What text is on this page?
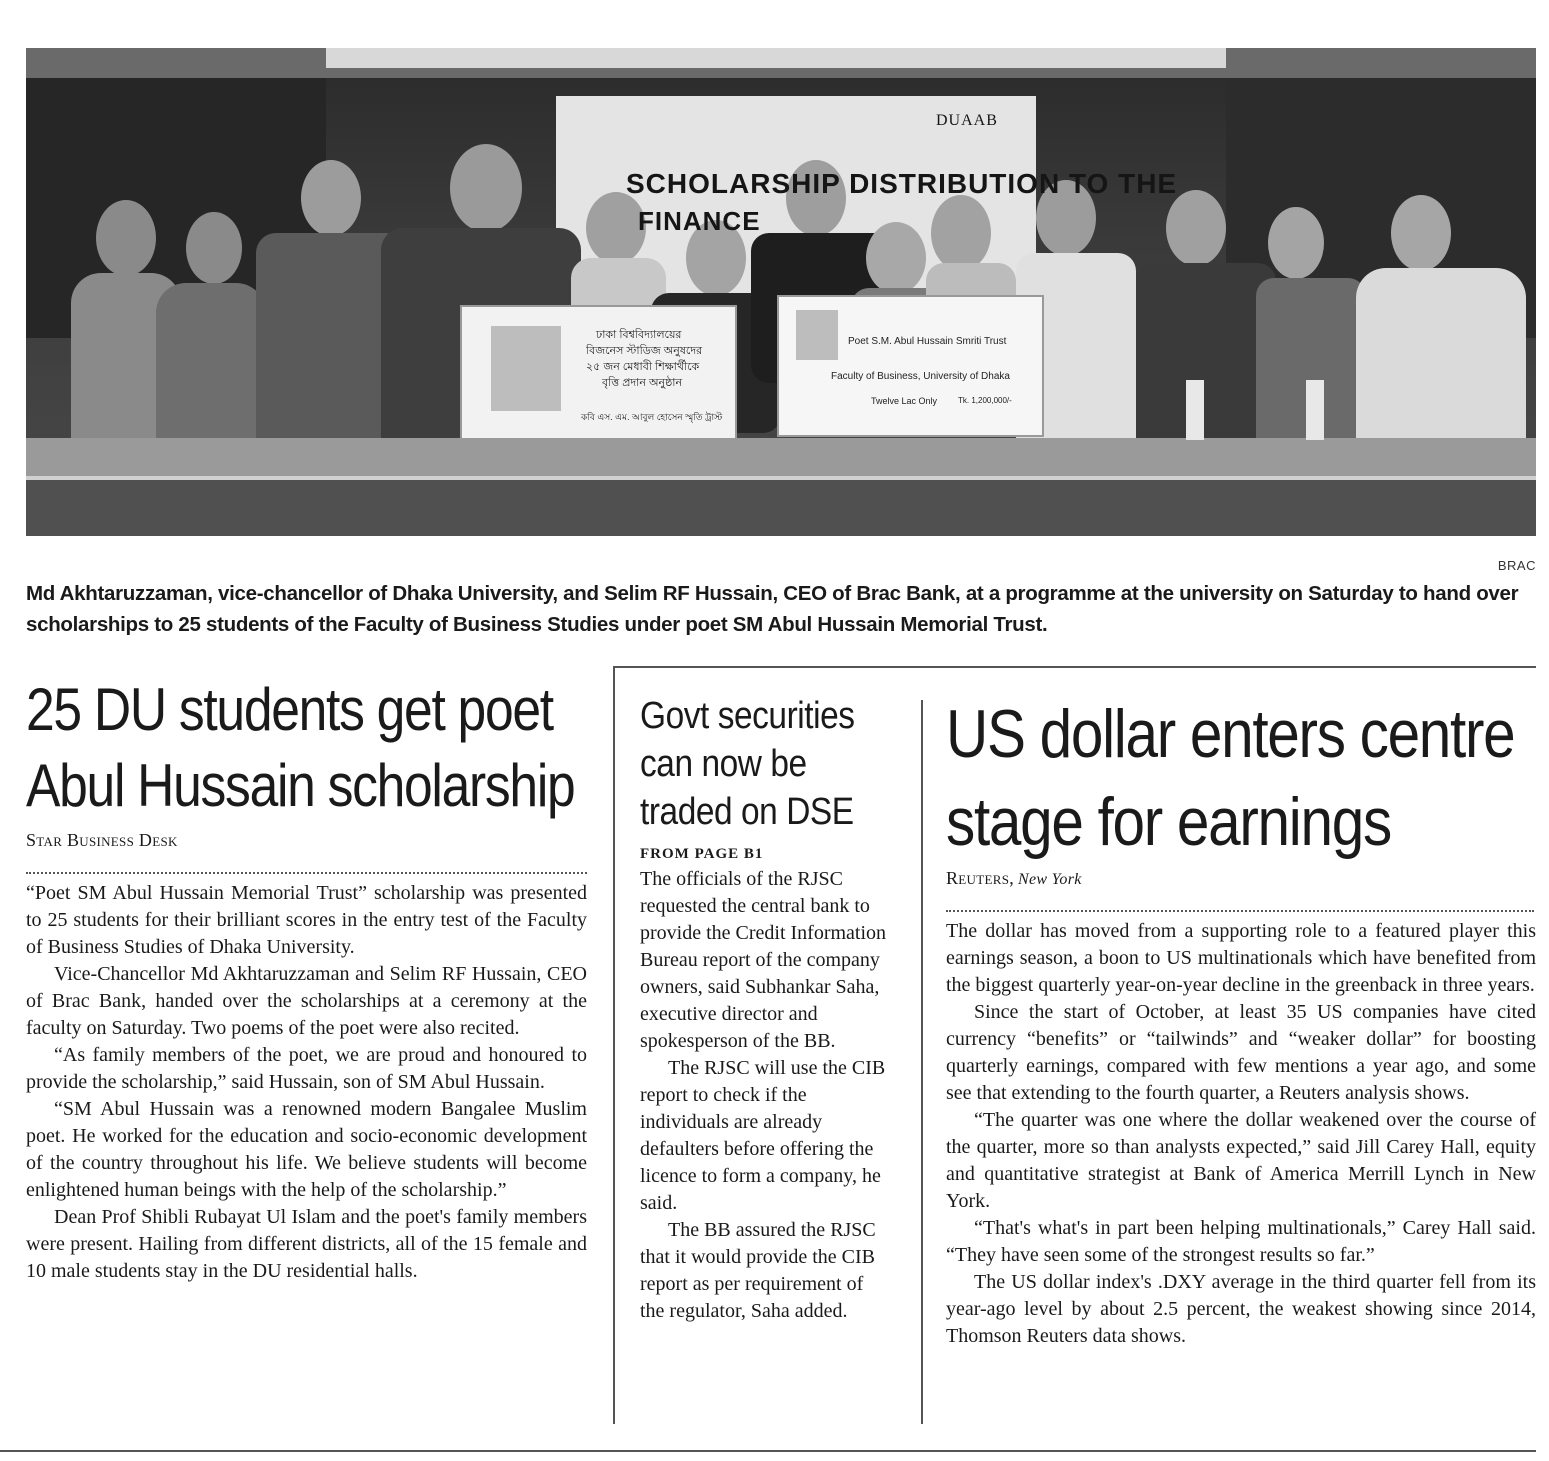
SCHOLARSHIP DISTRIBUTION TO THE
FINANCE
DUAAB
ঢাকা বিশ্ববিদ্যালয়ের
বিজনেস স্টাডিজ অনুষদের
২৫ জন মেধাবী শিক্ষার্থীকে
বৃত্তি প্রদান অনুষ্ঠান
কবি এস. এম. আবুল হোসেন স্মৃতি ট্রাস্ট
Poet S.M. Abul Hussain Smriti Trust
Faculty of Business, University of Dhaka
Twelve Lac Only	Tk. 1,200,000/-
BRAC
Md Akhtaruzzaman, vice-chancellor of Dhaka University, and Selim RF Hussain, CEO of Brac Bank, at a programme at the university on Saturday to hand over scholarships to 25 students of the Faculty of Business Studies under poet SM Abul Hussain Memorial Trust.
25 DU students get poet
Abul Hussain scholarship
Star Business Desk

“Poet SM Abul Hussain Memorial Trust” scholarship was presented to 25 students for their brilliant scores in the entry test of the Faculty of Business Studies of Dhaka University.

Vice-Chancellor Md Akhtaruzzaman and Selim RF Hussain, CEO of Brac Bank, handed over the scholarships at a ceremony at the faculty on Saturday. Two poems of the poet were also recited.

“As family members of the poet, we are proud and honoured to provide the scholarship,” said Hussain, son of SM Abul Hussain.

“SM Abul Hussain was a renowned modern Bangalee Muslim poet. He worked for the education and socio-economic development of the country throughout his life. We believe students will become enlightened human beings with the help of the scholarship.”

Dean Prof Shibli Rubayat Ul Islam and the poet's family members were present. Hailing from different districts, all of the 15 female and 10 male students stay in the DU residential halls.

Govt securities
can now be
traded on DSE
FROM PAGE B1

The officials of the RJSC requested the central bank to provide the Credit Information Bureau report of the company owners, said Subhankar Saha, executive director and spokesperson of the BB.

The RJSC will use the CIB report to check if the individuals are already defaulters before offering the licence to form a company, he said.

The BB assured the RJSC that it would provide the CIB report as per requirement of the regulator, Saha added.

US dollar enters centre
stage for earnings
Reuters, New York

The dollar has moved from a supporting role to a featured player this earnings season, a boon to US multinationals which have benefited from the biggest quarterly year-on-year decline in the greenback in three years.

Since the start of October, at least 35 US companies have cited currency “benefits” or “tailwinds” and “weaker dollar” for boosting quarterly earnings, compared with few mentions a year ago, and some see that extending to the fourth quarter, a Reuters analysis shows.

“The quarter was one where the dollar weakened over the course of the quarter, more so than analysts expected,” said Jill Carey Hall, equity and quantitative strategist at Bank of America Merrill Lynch in New York.

“That's what's in part been helping multinationals,” Carey Hall said. “They have seen some of the strongest results so far.”

The US dollar index's .DXY average in the third quarter fell from its year-ago level by about 2.5 percent, the weakest showing since 2014, Thomson Reuters data shows.
